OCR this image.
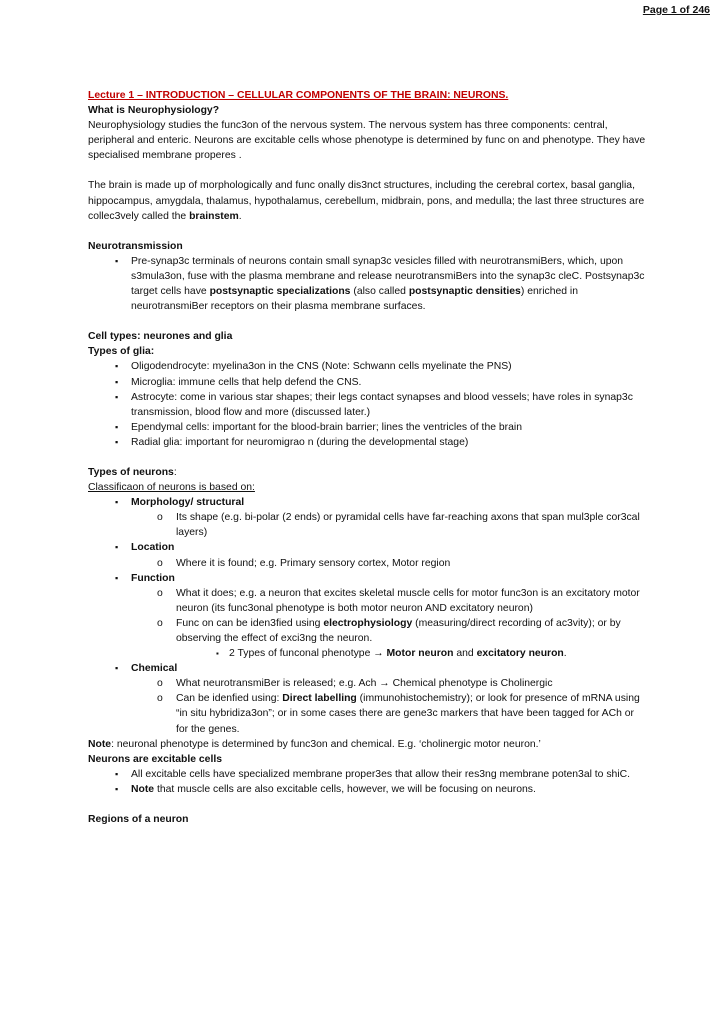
Page 1 of 246

Lecture 1 – INTRODUCTION – CELLULAR COMPONENTS OF THE BRAIN: NEURONS.

What is Neurophysiology?

Neurophysiology studies the func3on of the nervous system. The nervous system has three components: central, peripheral and enteric. Neurons are excitable cells whose phenotype is determined by func on and phenotype. They have specialised membrane properes .

The brain is made up of morphologically and func onally dis3nct structures, including the cerebral cortex, basal ganglia, hippocampus, amygdala, thalamus, hypothalamus, cerebellum, midbrain, pons, and medulla; the last three structures are collec3vely called the brainstem.

Neurotransmission

▪ Pre-synap3c terminals of neurons contain small synap3c vesicles filled with neurotransmiBers, which, upon s3mula3on, fuse with the plasma membrane and release neurotransmiBers into the synap3c cleC. Postsynap3c target cells have postsynaptic specializations (also called postsynaptic densities) enriched in neurotransmiBer receptors on their plasma membrane surfaces.

Cell types: neurones and glia

Types of glia:

▪ Oligodendrocyte: myelina3on in the CNS (Note: Schwann cells myelinate the PNS)
▪ Microglia: immune cells that help defend the CNS.
▪ Astrocyte: come in various star shapes; their legs contact synapses and blood vessels; have roles in synap3c transmission, blood flow and more (discussed later.)
▪ Ependymal cells: important for the blood-brain barrier; lines the ventricles of the brain
▪ Radial glia: important for neuromigrao n (during the developmental stage)

Types of neurons:

Classificaon of neurons is based on:

▪ Morphology/ structural
o Its shape (e.g. bi-polar (2 ends) or pyramidal cells have far-reaching axons that span mul3ple cor3cal layers)
▪ Location
o Where it is found; e.g. Primary sensory cortex, Motor region
▪ Function
o What it does; e.g. a neuron that excites skeletal muscle cells for motor func3on is an excitatory motor neuron (its func3onal phenotype is both motor neuron AND excitatory neuron)
o Func on can be iden3fied using electrophysiology (measuring/direct recording of ac3vity); or by observing the effect of exci3ng the neuron.
▪ 2 Types of funconal phenotype → Motor neuron and excitatory neuron.
▪ Chemical
o What neurotransmiBer is released; e.g. Ach → Chemical phenotype is Cholinergic
o Can be idenfied using: Direct labelling (immunohistochemistry); or look for presence of mRNA using “in situ hybridiza3on”; or in some cases there are gene3c markers that have been tagged for ACh or for the genes.

Note: neuronal phenotype is determined by func3on and chemical. E.g. ‘cholinergic motor neuron.’

Neurons are excitable cells

▪ All excitable cells have specialized membrane proper3es that allow their res3ng membrane poten3al to shiC.
▪ Note that muscle cells are also excitable cells, however, we will be focusing on neurons.

Regions of a neuron
